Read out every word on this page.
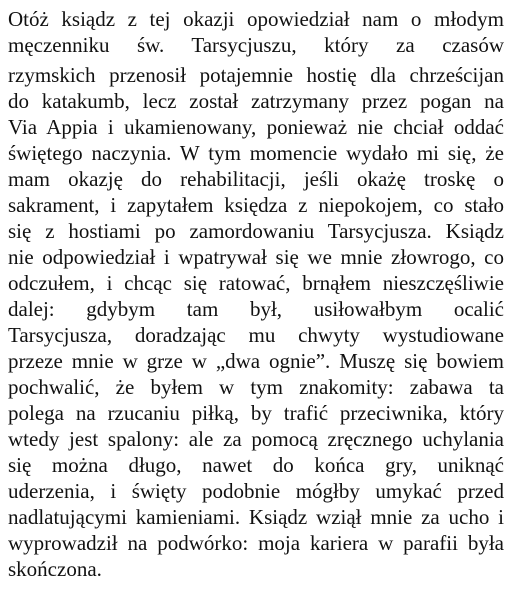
Otóż ksiądz z tej okazji opowiedział nam o młodym
męczenniku św. Tarsycjuszu, który za czasów
rzymskich przenosił potajemnie hostię dla chrześcijan
do katakumb, lecz został zatrzymany przez pogan na
Via Appia i ukamienowany, ponieważ nie chciał oddać
świętego naczynia. W tym momencie wydało mi się, że
mam okazję do rehabilitacji, jeśli okażę troskę o
sakrament, i zapytałem księdza z niepokojem, co stało
się z hostiami po zamordowaniu Tarsycjusza. Ksiądz
nie odpowiedział i wpatrywał się we mnie złowrogo, co
odczułem, i chcąc się ratować, brnąłem nieszczęśliwie
dalej: gdybym tam był, usiłowałbym ocalić
Tarsycjusza, doradzając mu chwyty wystudiowane
przeze mnie w grze w „dwa ognie”. Muszę się bowiem
pochwalić, że byłem w tym znakomity: zabawa ta
polega na rzucaniu piłką, by trafić przeciwnika, który
wtedy jest spalony: ale za pomocą zręcznego uchylania
się można długo, nawet do końca gry, uniknąć
uderzenia, i święty podobnie mógłby umykać przed
nadlatującymi kamieniami. Ksiądz wziął mnie za ucho i
wyprowadził na podwórko: moja kariera w parafii była
skończona.
